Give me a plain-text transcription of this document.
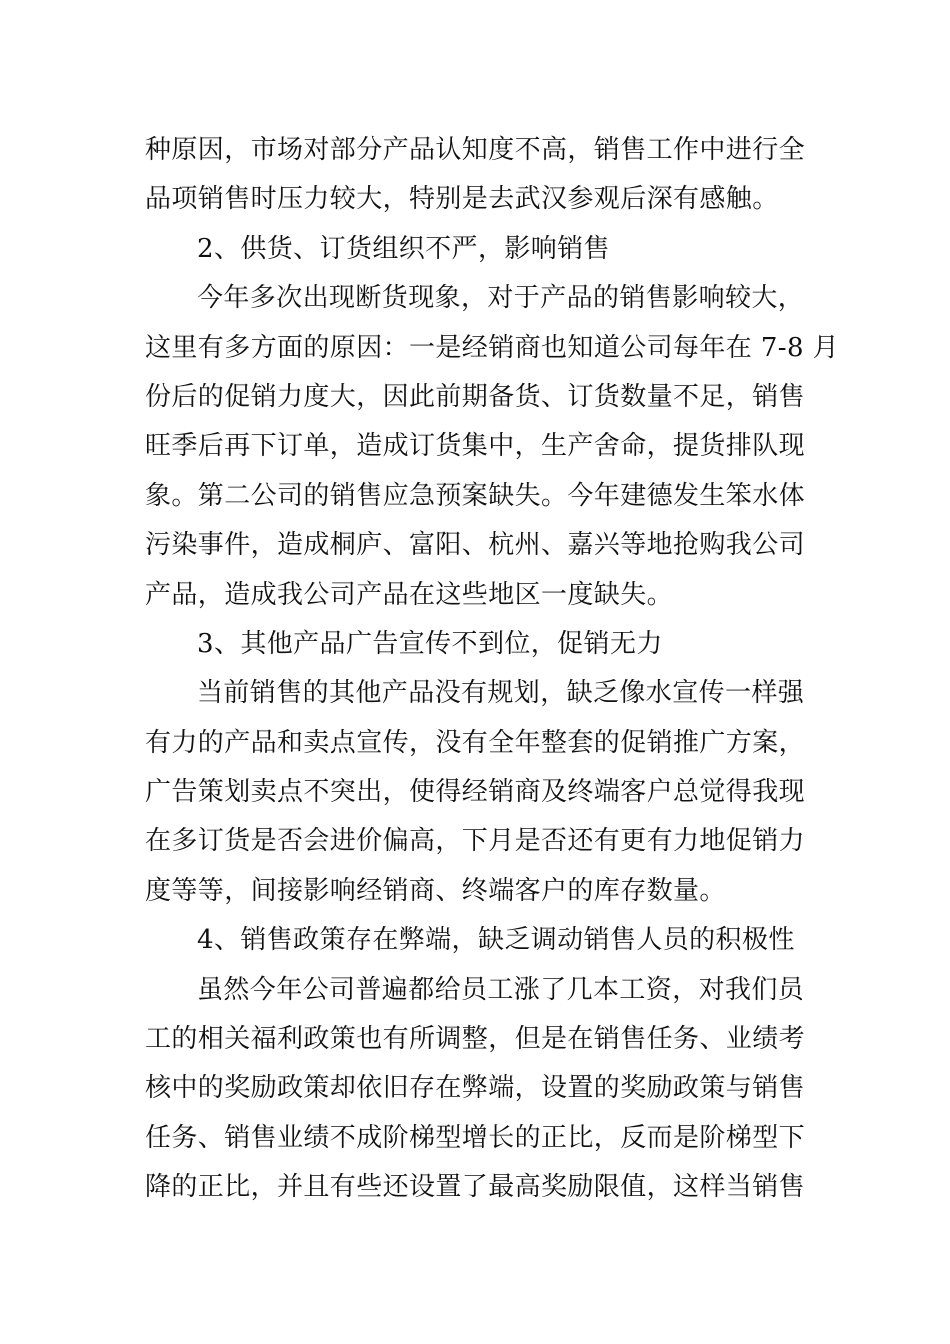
种原因，市场对部分产品认知度不高，销售工作中进行全
品项销售时压力较大，特别是去武汉参观后深有感触。
2、供货、订货组织不严，影响销售
今年多次出现断货现象，对于产品的销售影响较大，
这里有多方面的原因：一是经销商也知道公司每年在 7-8 月
份后的促销力度大，因此前期备货、订货数量不足，销售
旺季后再下订单，造成订货集中，生产舍命，提货排队现
象。第二公司的销售应急预案缺失。今年建德发生笨水体
污染事件，造成桐庐、富阳、杭州、嘉兴等地抢购我公司
产品，造成我公司产品在这些地区一度缺失。
3、其他产品广告宣传不到位，促销无力
当前销售的其他产品没有规划，缺乏像水宣传一样强
有力的产品和卖点宣传，没有全年整套的促销推广方案，
广告策划卖点不突出，使得经销商及终端客户总觉得我现
在多订货是否会进价偏高，下月是否还有更有力地促销力
度等等，间接影响经销商、终端客户的库存数量。
4、销售政策存在弊端，缺乏调动销售人员的积极性
虽然今年公司普遍都给员工涨了几本工资，对我们员
工的相关福利政策也有所调整，但是在销售任务、业绩考
核中的奖励政策却依旧存在弊端，设置的奖励政策与销售
任务、销售业绩不成阶梯型增长的正比，反而是阶梯型下
降的正比，并且有些还设置了最高奖励限值，这样当销售
